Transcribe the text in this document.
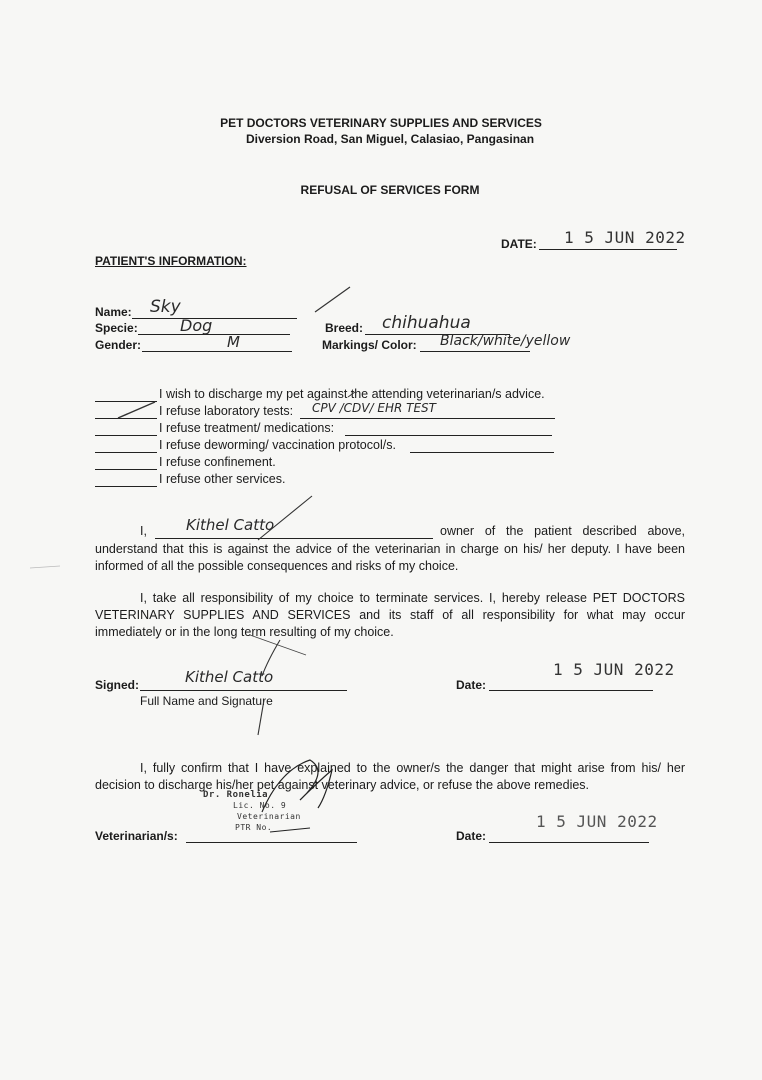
PET DOCTORS VETERINARY SUPPLIES AND SERVICES
Diversion Road, San Miguel, Calasiao, Pangasinan
REFUSAL OF SERVICES FORM
DATE: 1 5 JUN 2022
PATIENT'S INFORMATION:
Name: Sky
Specie:	Dog
Gender:	M
Breed: chihuahua
Markings/ Color: Black/white/yellow
I wish to discharge my pet against the attending veterinarian/s advice.
I refuse laboratory tests: CPV /CDV/ EHR TEST
I refuse treatment/ medications:
I refuse deworming/ vaccination protocol/s.
I refuse confinement.
I refuse other services.
I,	Kithel Catto	owner of the patient described above,
understand that this is against the advice of the veterinarian in charge on his/ her deputy. I have been informed of all the possible consequences and risks of my choice.
I, take all responsibility of my choice to terminate services. I, hereby release PET DOCTORS VETERINARY SUPPLIES AND SERVICES and its staff of all responsibility for what may occur immediately or in the long term resulting of my choice.
Signed:	Kithel Catto
Full Name and Signature
Date:
1 5 JUN 2022
I, fully confirm that I have explained to the owner/s the danger that might arise from his/ her decision to discharge his/her pet against veterinary advice, or refuse the above remedies.
Dr. Ronelia
Lic. No. 9
Veterinarian
PTR No.
Veterinarian/s:	Date:
1 5 JUN 2022
